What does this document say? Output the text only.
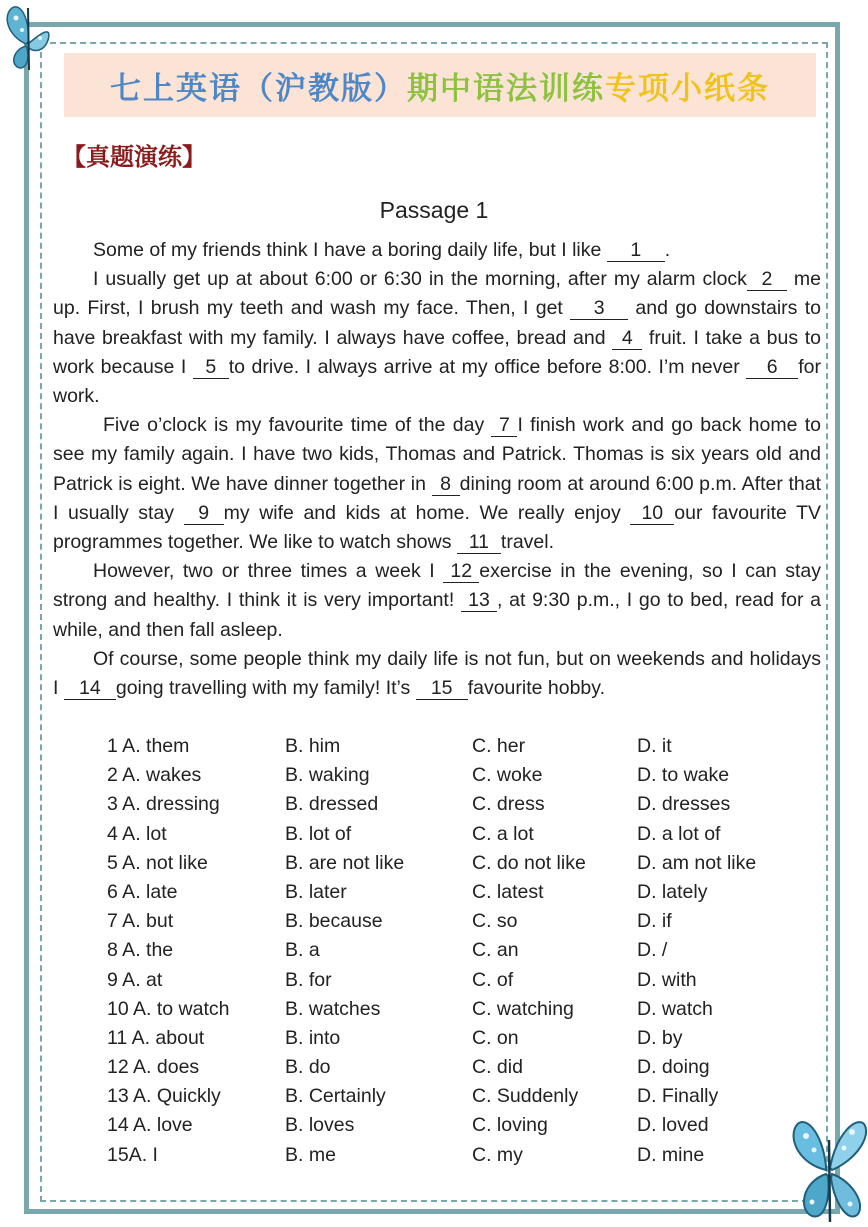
七上英语（沪教版） 期中语法训练 专项小纸条
【真题演练】
Passage 1

Some of my friends think I have a boring daily life, but I like 1 .

I usually get up at about 6:00 or 6:30 in the morning, after my alarm clock 2 me up. First, I brush my teeth and wash my face. Then, I get 3 and go downstairs to have breakfast with my family. I always have coffee, bread and 4 fruit. I take a bus to work because I 5 to drive. I always arrive at my office before 8:00. I’m never 6 for work.

Five o’clock is my favourite time of the day 7 I finish work and go back home to see my family again. I have two kids, Thomas and Patrick. Thomas is six years old and Patrick is eight. We have dinner together in 8 dining room at around 6:00 p.m. After that I usually stay 9 my wife and kids at home. We really enjoy 10 our favourite TV programmes together. We like to watch shows 11 travel.

However, two or three times a week I 12 exercise in the evening, so I can stay strong and healthy. I think it is very important! 13 , at 9:30 p.m., I go to bed, read for a while, and then fall asleep.

Of course, some people think my daily life is not fun, but on weekends and holidays I 14 going travelling with my family! It’s 15 favourite hobby.

1 A. them	B. him	C. her	D. it
2 A. wakes	B. waking	C. woke	D. to wake
3 A. dressing	B. dressed	C. dress	D. dresses
4 A. lot	B. lot of	C. a lot	D. a lot of
5 A. not like	B. are not like	C. do not like	D. am not like
6 A. late	B. later	C. latest	D. lately
7 A. but	B. because	C. so	D. if
8 A. the	B. a	C. an	D. /
9 A. at	B. for	C. of	D. with
10 A. to watch	B. watches	C. watching	D. watch
11 A. about	B. into	C. on	D. by
12 A. does	B. do	C. did	D. doing
13 A. Quickly	B. Certainly	C. Suddenly	D. Finally
14 A. love	B. loves	C. loving	D. loved
15A. I	B. me	C. my	D. mine
